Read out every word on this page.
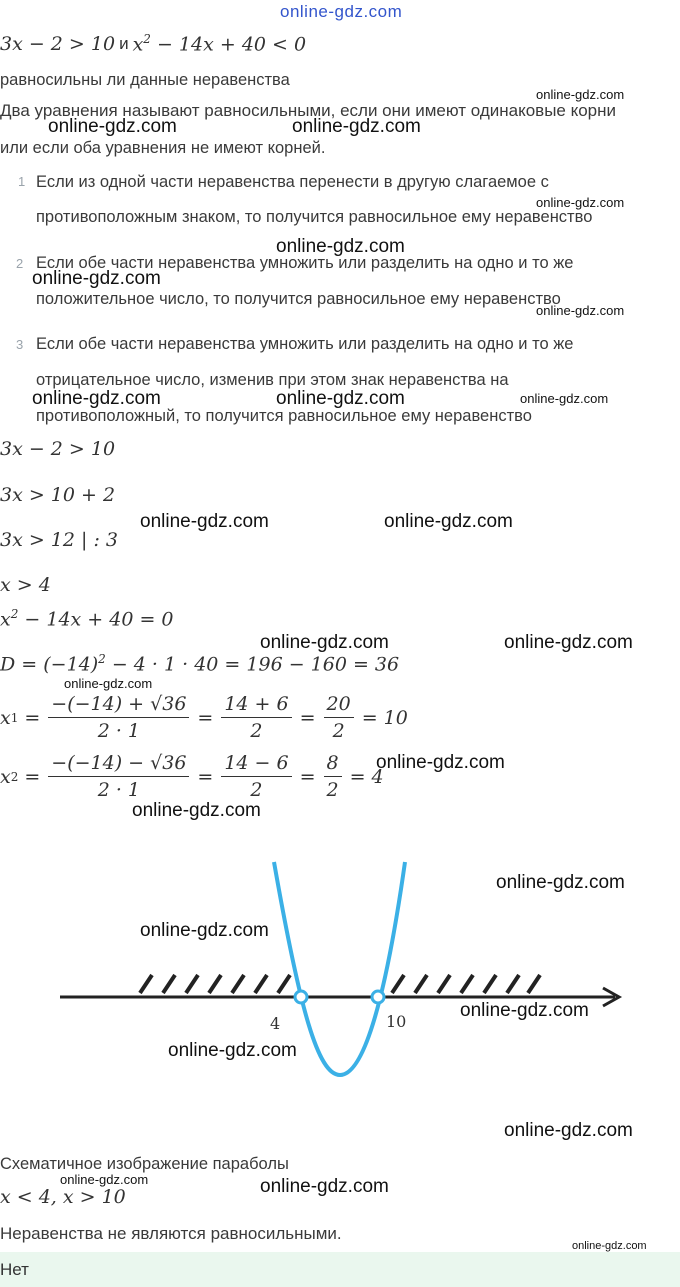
online-gdz.com
3x − 2 > 10 и $x^2 - 14x + 40 < 0$
равносильны ли данные неравенства
Два уравнения называют равносильными, если они имеют одинаковые корни
или если оба уравнения не имеют корней.
1 Если из одной части неравенства перенести в другую слагаемое с
противоположным знаком, то получится равносильное ему неравенство
2 Если обе части неравенства умножить или разделить на одно и то же
положительное число, то получится равносильное ему неравенство
3 Если обе части неравенства умножить или разделить на одно и то же
отрицательное число, изменив при этом знак неравенства на
противоположный, то получится равносильное ему неравенство
3x − 2 > 10
3x > 10 + 2
3x > 12 | : 3
x > 4
$x^2 - 14x + 40 = 0$
$D = (-14)^2 - 4 \cdot 1 \cdot 40 = 196 - 160 = 36$
x $1 = \frac{-(-14) + √36}{2 \cdot 1} = \frac{14 + 6}{2} = \frac{20}{2} = 10$
x $2 = \frac{-(-14) - √36}{2 \cdot 1} = \frac{14 - 6}{2} = \frac{8}{2} = 4$
4	10
Схематичное изображение параболы
x < 4, x > 10
Неравенства не являются равносильными.
Нет
online-gdz.com
online-gdz.com	online-gdz.com
online-gdz.com
online-gdz.com
online-gdz.com
online-gdz.com
online-gdz.com	online-gdz.com	online-gdz.com
online-gdz.com	online-gdz.com
online-gdz.com	online-gdz.com
online-gdz.com
online-gdz.com
online-gdz.com
online-gdz.com
online-gdz.com
online-gdz.com
online-gdz.com
online-gdz.com
online-gdz.com	online-gdz.com
online-gdz.com
